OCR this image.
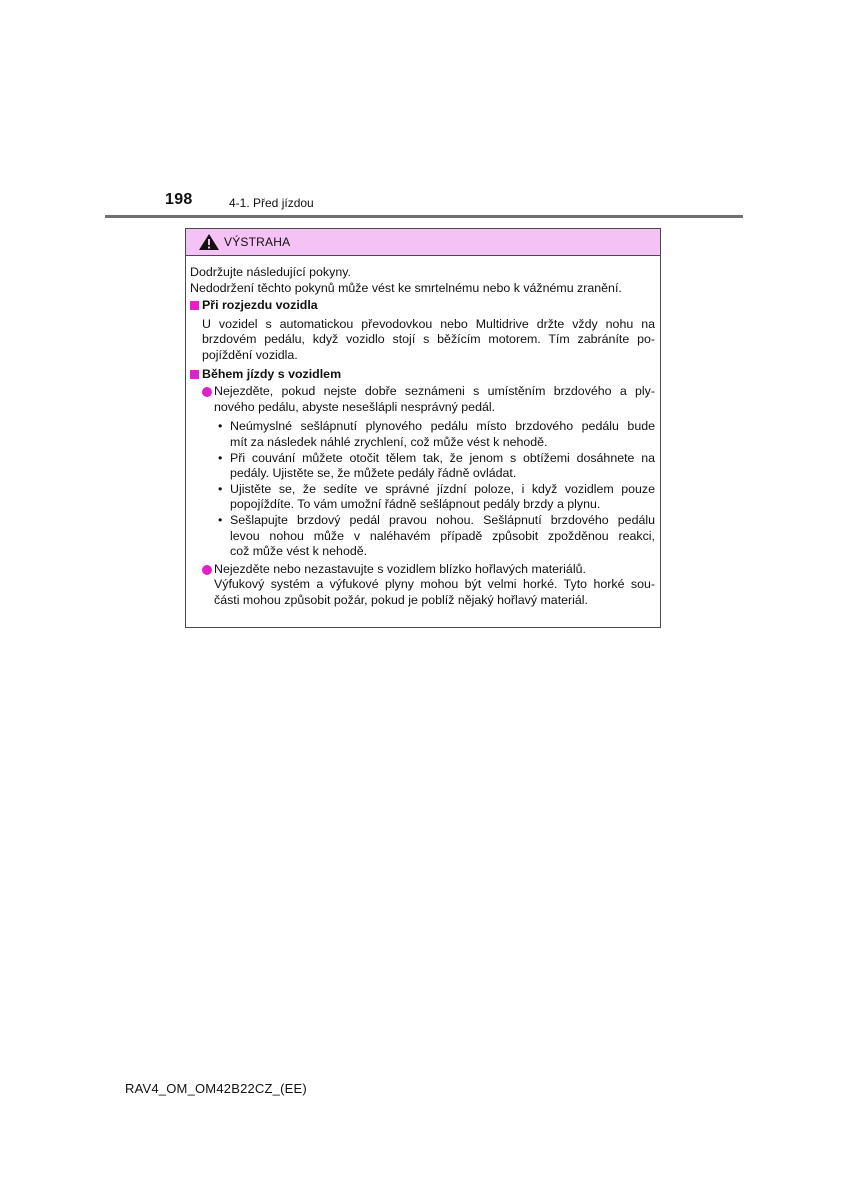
198	4-1. Před jízdou
VÝSTRAHA
Dodržujte následující pokyny.
Nedodržení těchto pokynů může vést ke smrtelnému nebo k vážnému zranění.
Při rozjezdu vozidla
U vozidel s automatickou převodovkou nebo Multidrive držte vždy nohu na
brzdovém pedálu, když vozidlo stojí s běžícím motorem. Tím zabráníte po-
pojíždění vozidla.
Během jízdy s vozidlem
Nejezděte, pokud nejste dobře seznámeni s umístěním brzdového a ply-
nového pedálu, abyste nesešlápli nesprávný pedál.
• Neúmyslné sešlápnutí plynového pedálu místo brzdového pedálu bude
mít za následek náhlé zrychlení, což může vést k nehodě.
• Při couvání můžete otočit tělem tak, že jenom s obtížemi dosáhnete na
pedály. Ujistěte se, že můžete pedály řádně ovládat.
• Ujistěte se, že sedíte ve správné jízdní poloze, i když vozidlem pouze
popojíždíte. To vám umožní řádně sešlápnout pedály brzdy a plynu.
• Sešlapujte brzdový pedál pravou nohou. Sešlápnutí brzdového pedálu
levou nohou může v naléhavém případě způsobit zpožděnou reakci,
což může vést k nehodě.
Nejezděte nebo nezastavujte s vozidlem blízko hořlavých materiálů.
Výfukový systém a výfukové plyny mohou být velmi horké. Tyto horké sou-
části mohou způsobit požár, pokud je poblíž nějaký hořlavý materiál.
RAV4_OM_OM42B22CZ_(EE)
